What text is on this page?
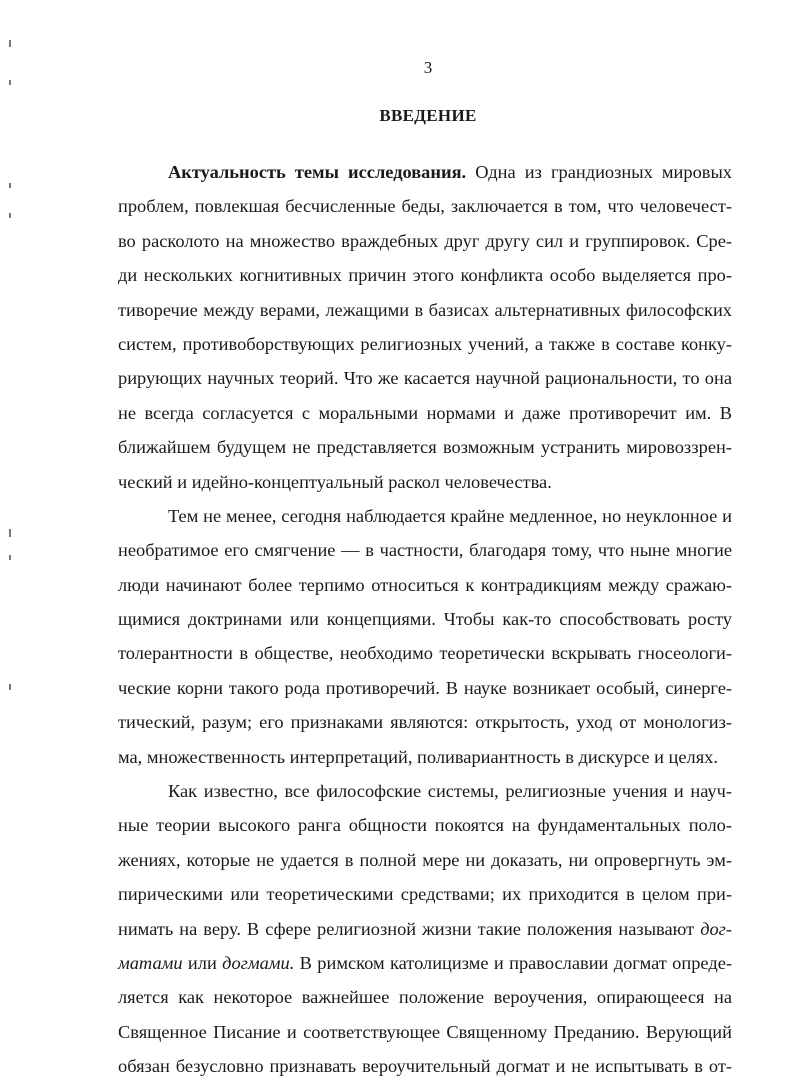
3
ВВЕДЕНИЕ
Актуальность темы исследования. Одна из грандиозных мировых
проблем, повлекшая бесчисленные беды, заключается в том, что человечест-
во расколото на множество враждебных друг другу сил и группировок. Сре-
ди нескольких когнитивных причин этого конфликта особо выделяется про-
тиворечие между верами, лежащими в базисах альтернативных философских
систем, противоборствующих религиозных учений, а также в составе конку-
рирующих научных теорий. Что же касается научной рациональности, то она
не всегда согласуется с моральными нормами и даже противоречит им. В
ближайшем будущем не представляется возможным устранить мировоззрен-
ческий и идейно-концептуальный раскол человечества.
Тем не менее, сегодня наблюдается крайне медленное, но неуклонное и
необратимое его смягчение — в частности, благодаря тому, что ныне многие
люди начинают более терпимо относиться к контрадикциям между сражаю-
щимися доктринами или концепциями. Чтобы как-то способствовать росту
толерантности в обществе, необходимо теоретически вскрывать гносеологи-
ческие корни такого рода противоречий. В науке возникает особый, синерге-
тический, разум; его признаками являются: открытость, уход от монологиз-
ма, множественность интерпретаций, поливариантность в дискурсе и целях.
Как известно, все философские системы, религиозные учения и науч-
ные теории высокого ранга общности покоятся на фундаментальных поло-
жениях, которые не удается в полной мере ни доказать, ни опровергнуть эм-
пирическими или теоретическими средствами; их приходится в целом при-
нимать на веру. В сфере религиозной жизни такие положения называют дог-
матами или догмами. В римском католицизме и православии догмат опреде-
ляется как некоторое важнейшее положение вероучения, опирающееся на
Священное Писание и соответствующее Священному Преданию. Верующий
обязан безусловно признавать вероучительный догмат и не испытывать в от-
